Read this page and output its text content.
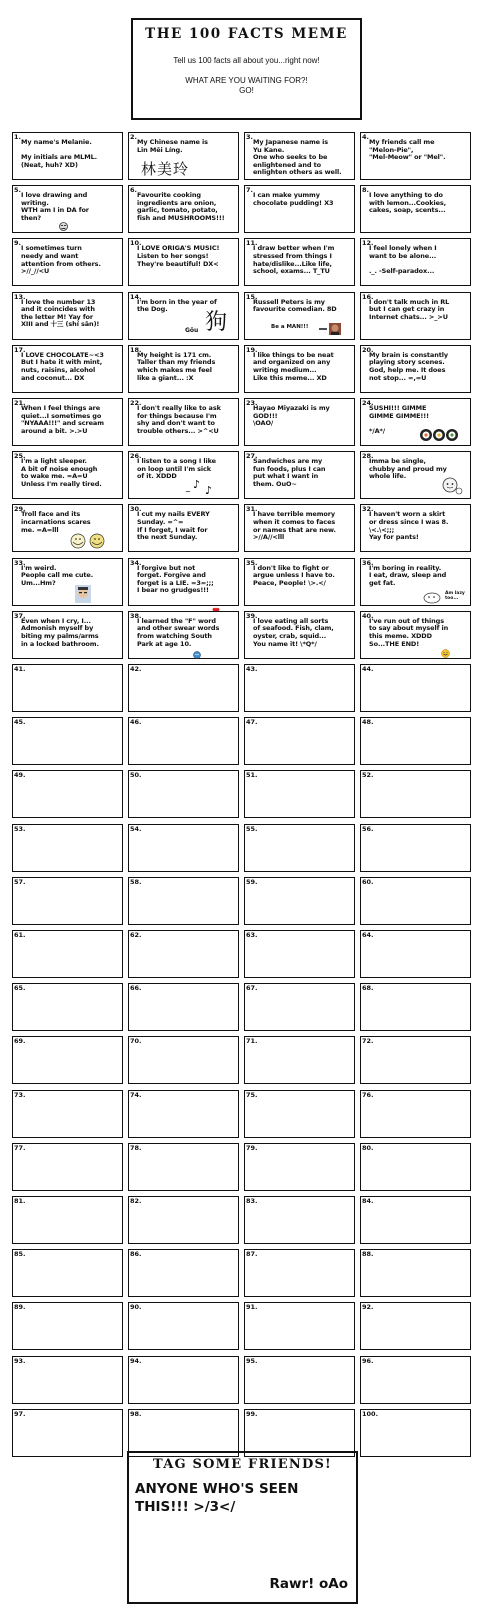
THE 100 FACTS MEME
Tell us 100 facts all about you...right now!
WHAT ARE YOU WAITING FOR?!
GO!
1.
My name's Melanie.

My initials are MLML.
(Neat, huh? XD)
2.
My Chinese name is
Lin Mĕi Líng.
林美玲
3.
My Japanese name is
Yu Kane.
One who seeks to be
enlightened and to
enlighten others as well.
4.
My friends call me
"Melon-Pie",
"Mel-Meow" or "Mel".
5.
I love drawing and
writing.
WTH am I in DA for
then?
6.
Favourite cooking
ingredients are onion,
garlic, tomato, potato,
fish and MUSHROOMS!!!
7.
I can make yummy
chocolate pudding! X3
8.
I love anything to do
with lemon...Cookies,
cakes, soap, scents...
9.
I sometimes turn
needy and want
attention from others.
>//_//<U
10.
I LOVE ORIGA'S MUSIC!
Listen to her songs!
They're beautiful! DX<
11.
I draw better when I'm
stressed from things I
hate/dislike...Like life,
school, exams... T_TU
12.
I feel lonely when I
want to be alone...

._. -Self-paradox...
13.
I love the number 13
and it coincides with
the letter M! Yay for
XIII and 十三 (shí sān)!
14.
I'm born in the year of
the Dog.
狗
Gǒu
15.
Russell Peters is my
favourite comedian. 8D
Be a MAN!!!
16.
I don't talk much in RL
but I can get crazy in
Internet chats... >_>U
17.
I LOVE CHOCOLATE~<3
But I hate it with mint,
nuts, raisins, alcohol
and coconut... DX
18.
My height is 171 cm.
Taller than my friends
which makes me feel
like a giant... :X
19.
I like things to be neat
and organized on any
writing medium...
Like this meme... XD
20.
My brain is constantly
playing story scenes.
God, help me. It does
not stop... =,=U
21.
When I feel things are
quiet...I sometimes go
"NYAAA!!!" and scream
around a bit. >.>U
22.
I don't really like to ask
for things because I'm
shy and don't want to
trouble others... >^<U
23.
Hayao Miyazaki is my
GOD!!!
\OAO/
24.
SUSHI!!! GIMME
GIMME GIMME!!!

*/A*/
25.
I'm a light sleeper.
A bit of noise enough
to wake me. =A=U
Unless I'm really tired.
26.
I listen to a song I like
on loop until I'm sick
of it. XDDD
♪ ♪
~
27.
Sandwiches are my
fun foods, plus I can
put what I want in
them. OuO~
28.
Imma be single,
chubby and proud my
whole life.
29.
Troll face and its
incarnations scares
me. =A=lll
30.
I cut my nails EVERY
Sunday. =^=
If I forget, I wait for
the next Sunday.
31.
I have terrible memory
when it comes to faces
or names that are new.
>//A//<lll
32.
I haven't worn a skirt
or dress since I was 8.
\<.\<;;;
Yay for pants!
33.
I'm weird.
People call me cute.
Um...Hm?
34.
I forgive but not
forget. Forgive and
forget is a LIE. =3=;;;
I bear no grudges!!!
35.
I don't like to fight or
argue unless I have to.
Peace, People! \>.</
36.
I'm boring in reality.
I eat, draw, sleep and
get fat.
Am lazy
too...
37.
Even when I cry, I...
Admonish myself by
biting my palms/arms
in a locked bathroom.
38.
I learned the "F" word
and other swear words
from watching South
Park at age 10.
39.
I love eating all sorts
of seafood. Fish, clam,
oyster, crab, squid...
You name it! \*Q*/
40.
I've run out of things
to say about myself in
this meme. XDDD
So...THE END!
41.	42.	43.	44.
45.	46.	47.	48.
49.	50.	51.	52.
53.	54.	55.	56.
57.	58.	59.	60.
61.	62.	63.	64.
65.	66.	67.	68.
69.	70.	71.	72.
73.	74.	75.	76.
77.	78.	79.	80.
81.	82.	83.	84.
85.	86.	87.	88.
89.	90.	91.	92.
93.	94.	95.	96.
97.	98.	99.	100.
TAG SOME FRIENDS!
ANYONE WHO'S SEEN
THIS!!! >/3</
Rawr! oAo
